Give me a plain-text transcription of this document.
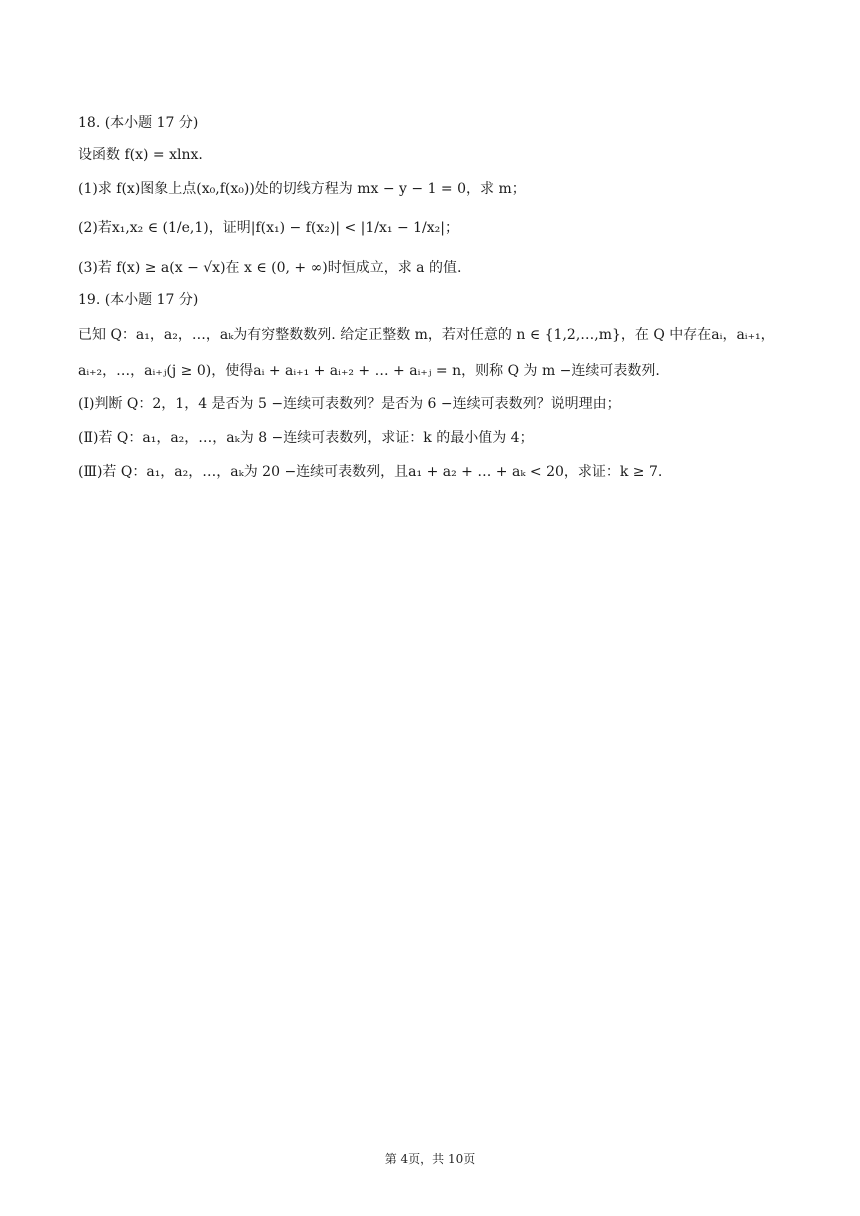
18. (本小题 17 分)
设函数 f(x) = xlnx.
(1)求 f(x)图象上点(x₀,f(x₀))处的切线方程为 mx − y − 1 = 0，求 m；
(2)若x₁,x₂ ∈ (1/e,1)，证明|f(x₁) − f(x₂)| < |1/x₁ − 1/x₂|；
(3)若 f(x) ≥ a(x − √x)在 x ∈ (0, + ∞)时恒成立，求 a 的值.
19. (本小题 17 分)
已知 Q：a₁，a₂，…，aₖ为有穷整数数列. 给定正整数 m，若对任意的 n ∈ {1,2,…,m}，在 Q 中存在aᵢ，aᵢ₊₁，
aᵢ₊₂，…，aᵢ₊ⱼ(j ≥ 0)，使得aᵢ + aᵢ₊₁ + aᵢ₊₂ + … + aᵢ₊ⱼ = n，则称 Q 为 m −连续可表数列.
(Ⅰ)判断 Q：2，1，4 是否为 5 −连续可表数列？是否为 6 −连续可表数列？说明理由；
(Ⅱ)若 Q：a₁，a₂，…，aₖ为 8 −连续可表数列，求证：k 的最小值为 4；
(Ⅲ)若 Q：a₁，a₂，…，aₖ为 20 −连续可表数列，且a₁ + a₂ + … + aₖ < 20，求证：k ≥ 7.
第 4页，共 10页
